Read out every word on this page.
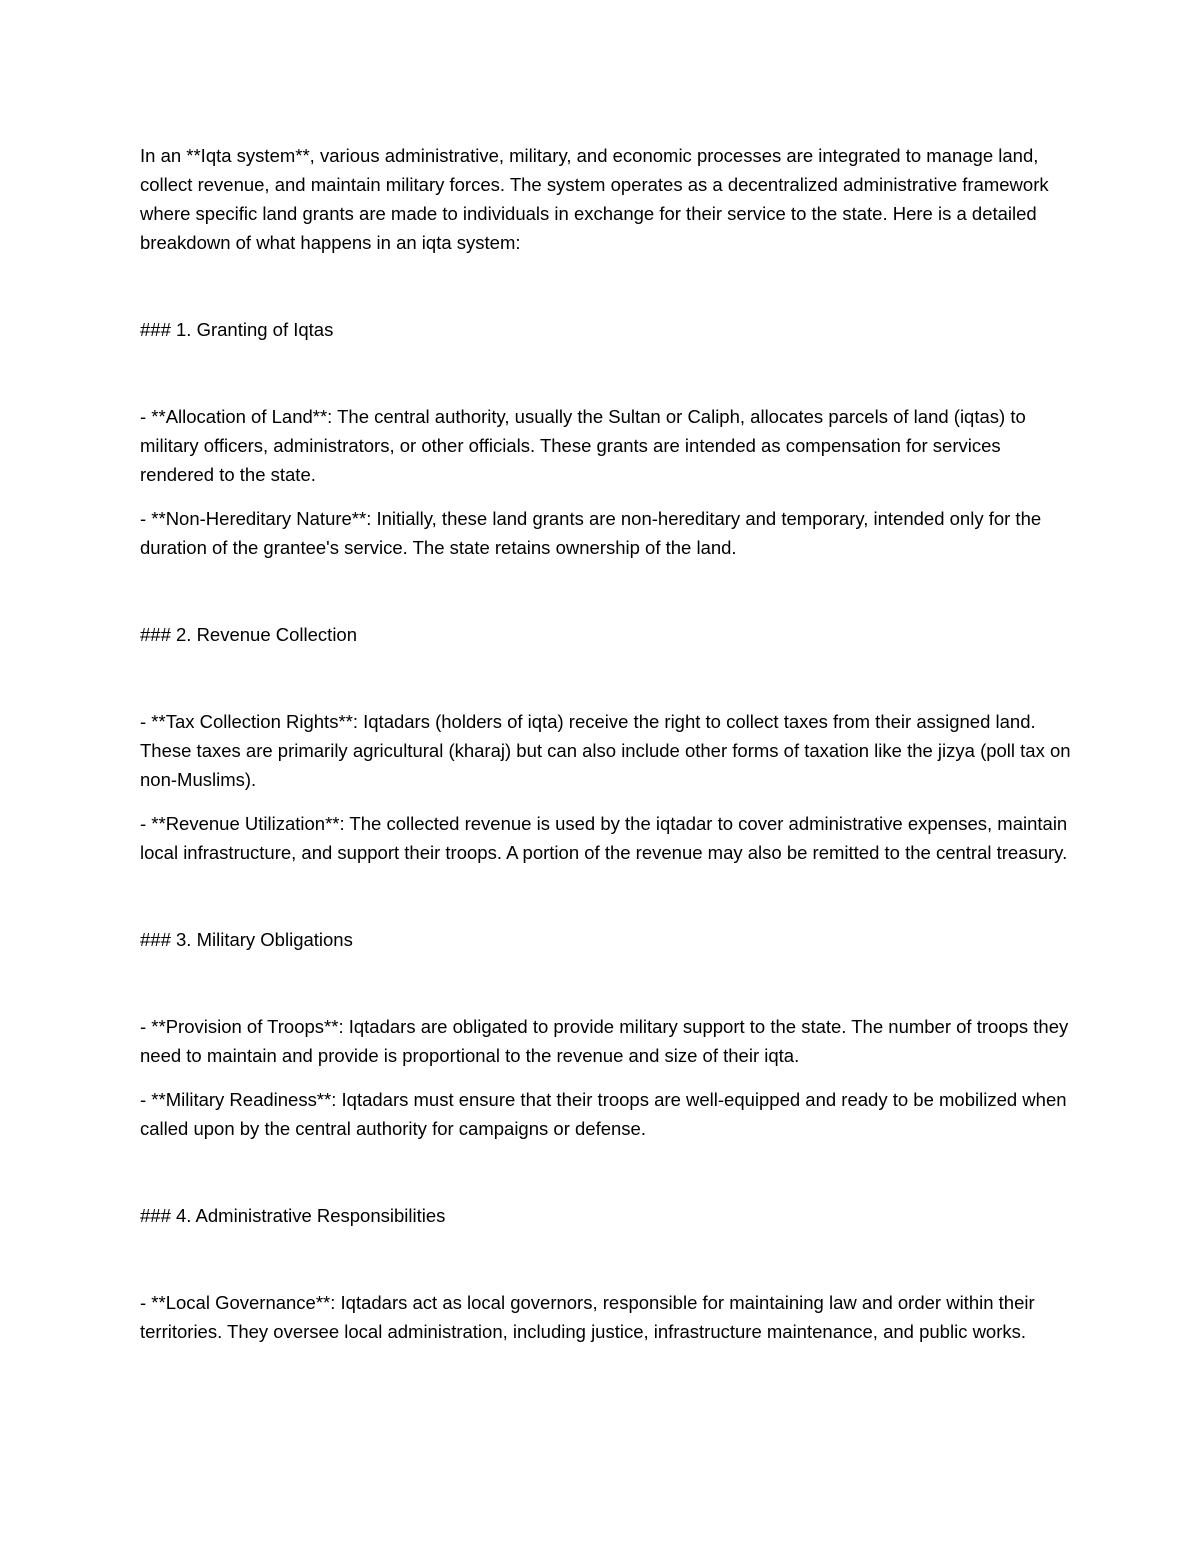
In an **Iqta system**, various administrative, military, and economic processes are integrated to manage land, collect revenue, and maintain military forces. The system operates as a decentralized administrative framework where specific land grants are made to individuals in exchange for their service to the state. Here is a detailed breakdown of what happens in an iqta system:

### 1. Granting of Iqtas

- **Allocation of Land**: The central authority, usually the Sultan or Caliph, allocates parcels of land (iqtas) to military officers, administrators, or other officials. These grants are intended as compensation for services rendered to the state.

- **Non-Hereditary Nature**: Initially, these land grants are non-hereditary and temporary, intended only for the duration of the grantee's service. The state retains ownership of the land.

### 2. Revenue Collection

- **Tax Collection Rights**: Iqtadars (holders of iqta) receive the right to collect taxes from their assigned land. These taxes are primarily agricultural (kharaj) but can also include other forms of taxation like the jizya (poll tax on non-Muslims).

- **Revenue Utilization**: The collected revenue is used by the iqtadar to cover administrative expenses, maintain local infrastructure, and support their troops. A portion of the revenue may also be remitted to the central treasury.

### 3. Military Obligations

- **Provision of Troops**: Iqtadars are obligated to provide military support to the state. The number of troops they need to maintain and provide is proportional to the revenue and size of their iqta.

- **Military Readiness**: Iqtadars must ensure that their troops are well-equipped and ready to be mobilized when called upon by the central authority for campaigns or defense.

### 4. Administrative Responsibilities

- **Local Governance**: Iqtadars act as local governors, responsible for maintaining law and order within their territories. They oversee local administration, including justice, infrastructure maintenance, and public works.
